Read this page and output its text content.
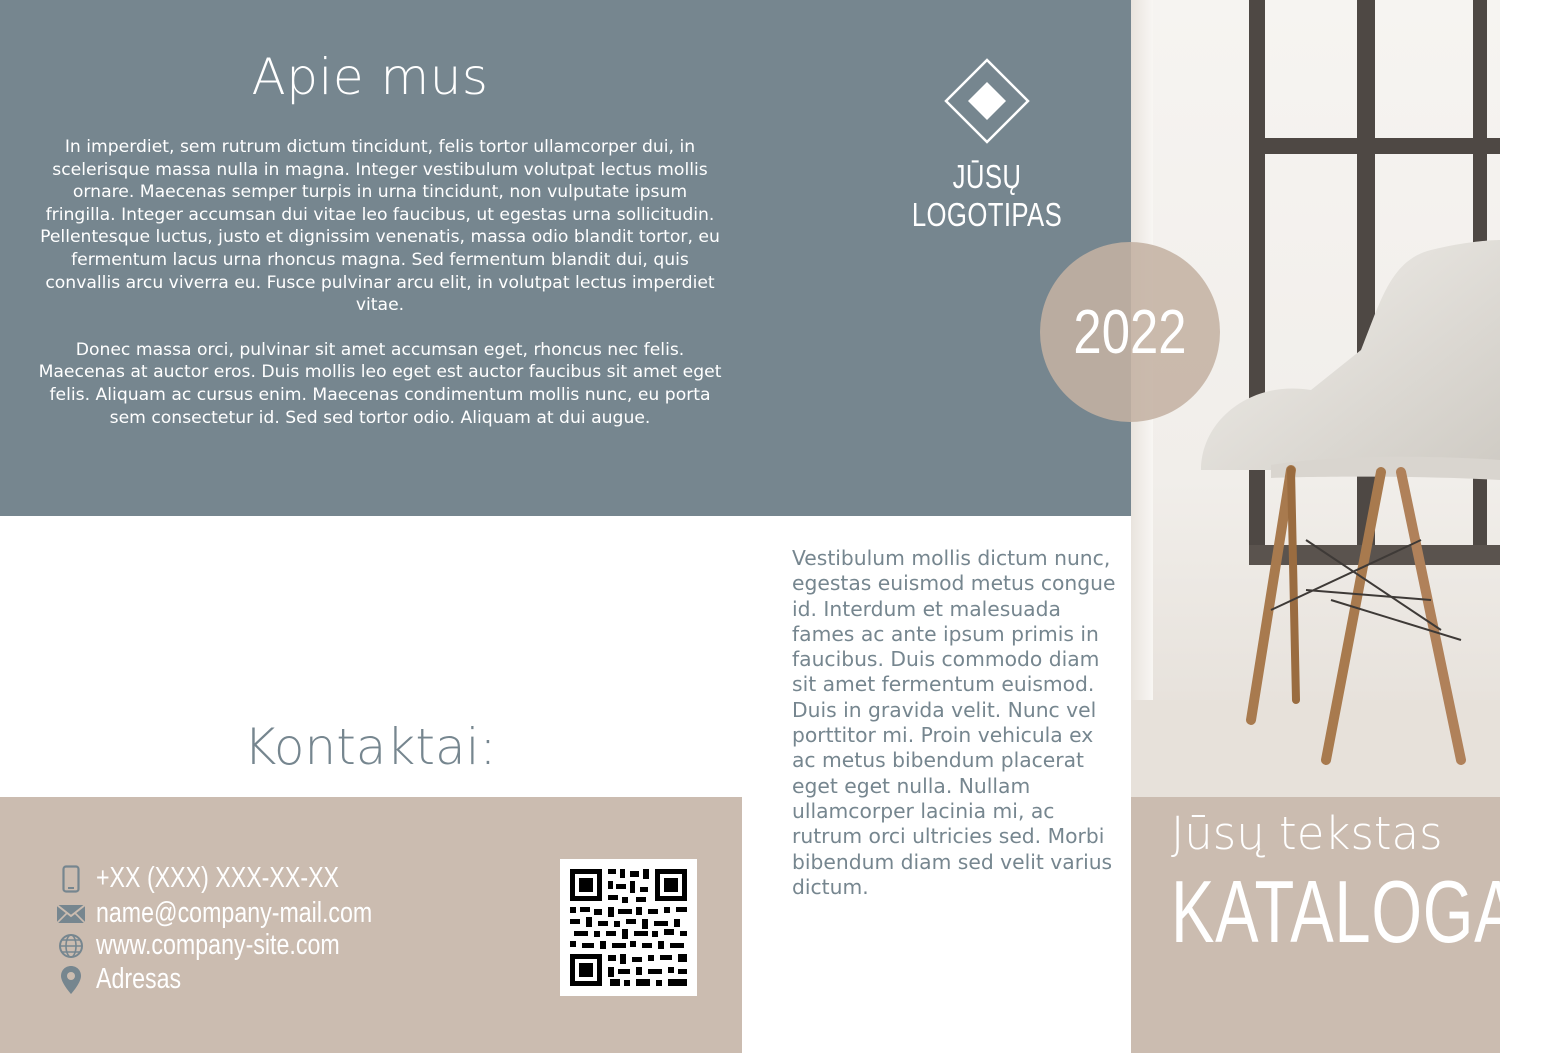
Apie mus

In imperdiet, sem rutrum dictum tincidunt, felis tortor ullamcorper dui, in scelerisque massa nulla in magna. Integer vestibulum volutpat lectus mollis ornare. Maecenas semper turpis in urna tincidunt, non vulputate ipsum fringilla. Integer accumsan dui vitae leo faucibus, ut egestas urna sollicitudin. Pellentesque luctus, justo et dignissim venenatis, massa odio blandit tortor, eu fermentum lacus urna rhoncus magna. Sed fermentum blandit dui, quis convallis arcu viverra eu. Fusce pulvinar arcu elit, in volutpat lectus imperdiet vitae.

Donec massa orci, pulvinar sit amet accumsan eget, rhoncus nec felis. Maecenas at auctor eros. Duis mollis leo eget est auctor faucibus sit amet eget felis. Aliquam ac cursus enim. Maecenas condimentum mollis nunc, eu porta sem consectetur id. Sed sed tortor odio. Aliquam at dui augue.

JŪSŲ LOGOTIPAS
2022
Kontaktai:
+XX (XXX) XXX-XX-XX
name@company-mail.com
www.company-site.com
Adresas
Vestibulum mollis dictum nunc, egestas euismod metus congue id. Interdum et malesuada fames ac ante ipsum primis in faucibus. Duis commodo diam sit amet fermentum euismod. Duis in gravida velit. Nunc vel porttitor mi. Proin vehicula ex ac metus bibendum placerat eget eget nulla. Nullam ullamcorper lacinia mi, ac rutrum orci ultricies sed. Morbi bibendum diam sed velit varius dictum.
Jūsų tekstas
KATALOGAS
